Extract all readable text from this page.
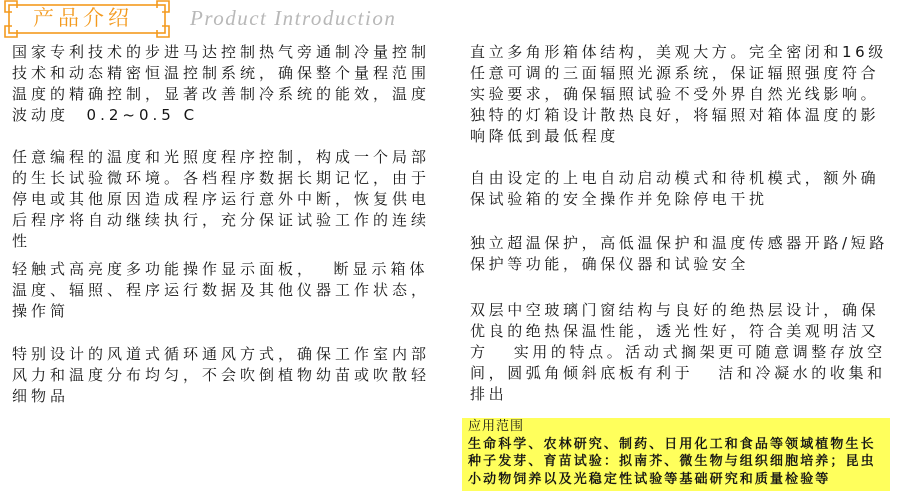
产品介绍	Product Introduction
国家专利技术的步进马达控制热气旁通制冷量控制
技术和动态精密恒温控制系统，确保整个量程范围
温度的精确控制，显著改善制冷系统的能效，温度
波动度  0.2~0.5 C
任意编程的温度和光照度程序控制，构成一个局部
的生长试验微环境。各档程序数据长期记忆，由于
停电或其他原因造成程序运行意外中断，恢复供电
后程序将自动继续执行，充分保证试验工作的连续
性
轻触式高亮度多功能操作显示面板，  断显示箱体
温度、辐照、程序运行数据及其他仪器工作状态，
操作简
特别设计的风道式循环通风方式，确保工作室内部
风力和温度分布均匀，不会吹倒植物幼苗或吹散轻
细物品
直立多角形箱体结构，美观大方。完全密闭和16级
任意可调的三面辐照光源系统，保证辐照强度符合
实验要求，确保辐照试验不受外界自然光线影响。
独特的灯箱设计散热良好，将辐照对箱体温度的影
响降低到最低程度
自由设定的上电自动启动模式和待机模式，额外确
保试验箱的安全操作并免除停电干扰
独立超温保护，高低温保护和温度传感器开路/短路
保护等功能，确保仪器和试验安全
双层中空玻璃门窗结构与良好的绝热层设计，确保
优良的绝热保温性能，透光性好，符合美观明洁又
方   实用的特点。活动式搁架更可随意调整存放空
间，圆弧角倾斜底板有利于   洁和冷凝水的收集和
排出
应用范围
生命科学、农林研究、制药、日用化工和食品等领域植物生长
种子发芽、育苗试验：拟南芥、微生物与组织细胞培养；昆虫
小动物饲养以及光稳定性试验等基础研究和质量检验等
